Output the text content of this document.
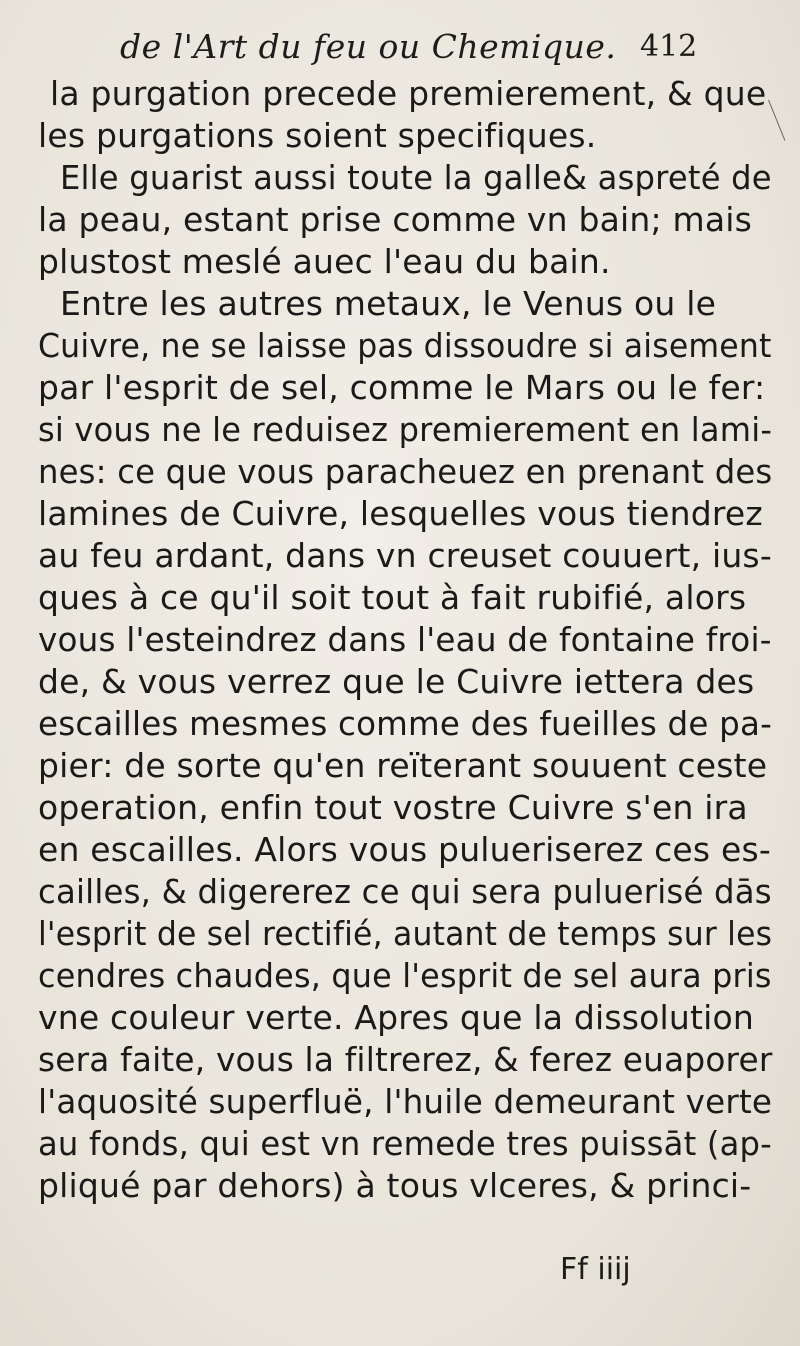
de l'Art du feu ou Chemique. 412
la purgation precede premierement, & que
les purgations soient specifiques.
Elle guarist aussi toute la galle& aspreté de
la peau, estant prise comme vn bain; mais
plustost meslé auec l'eau du bain.
Entre les autres metaux, le Venus ou le
Cuivre, ne se laisse pas dissoudre si aisement
par l'esprit de sel, comme le Mars ou le fer:
si vous ne le reduisez premierement en lami-
nes: ce que vous paracheuez en prenant des
lamines de Cuivre, lesquelles vous tiendrez
au feu ardant, dans vn creuset couuert, ius-
ques à ce qu'il soit tout à fait rubifié, alors
vous l'esteindrez dans l'eau de fontaine froi-
de, & vous verrez que le Cuivre iettera des
escailles mesmes comme des fueilles de pa-
pier: de sorte qu'en reïterant souuent ceste
operation, enfin tout vostre Cuivre s'en ira
en escailles. Alors vous pulueriserez ces es-
cailles, & digererez ce qui sera puluerisé dās
l'esprit de sel rectifié, autant de temps sur les
cendres chaudes, que l'esprit de sel aura pris
vne couleur verte. Apres que la dissolution
sera faite, vous la filtrerez, & ferez euaporer
l'aquosité superfluë, l'huile demeurant verte
au fonds, qui est vn remede tres puissāt (ap-
pliqué par dehors) à tous vlceres, & princi-
Ff iiij
